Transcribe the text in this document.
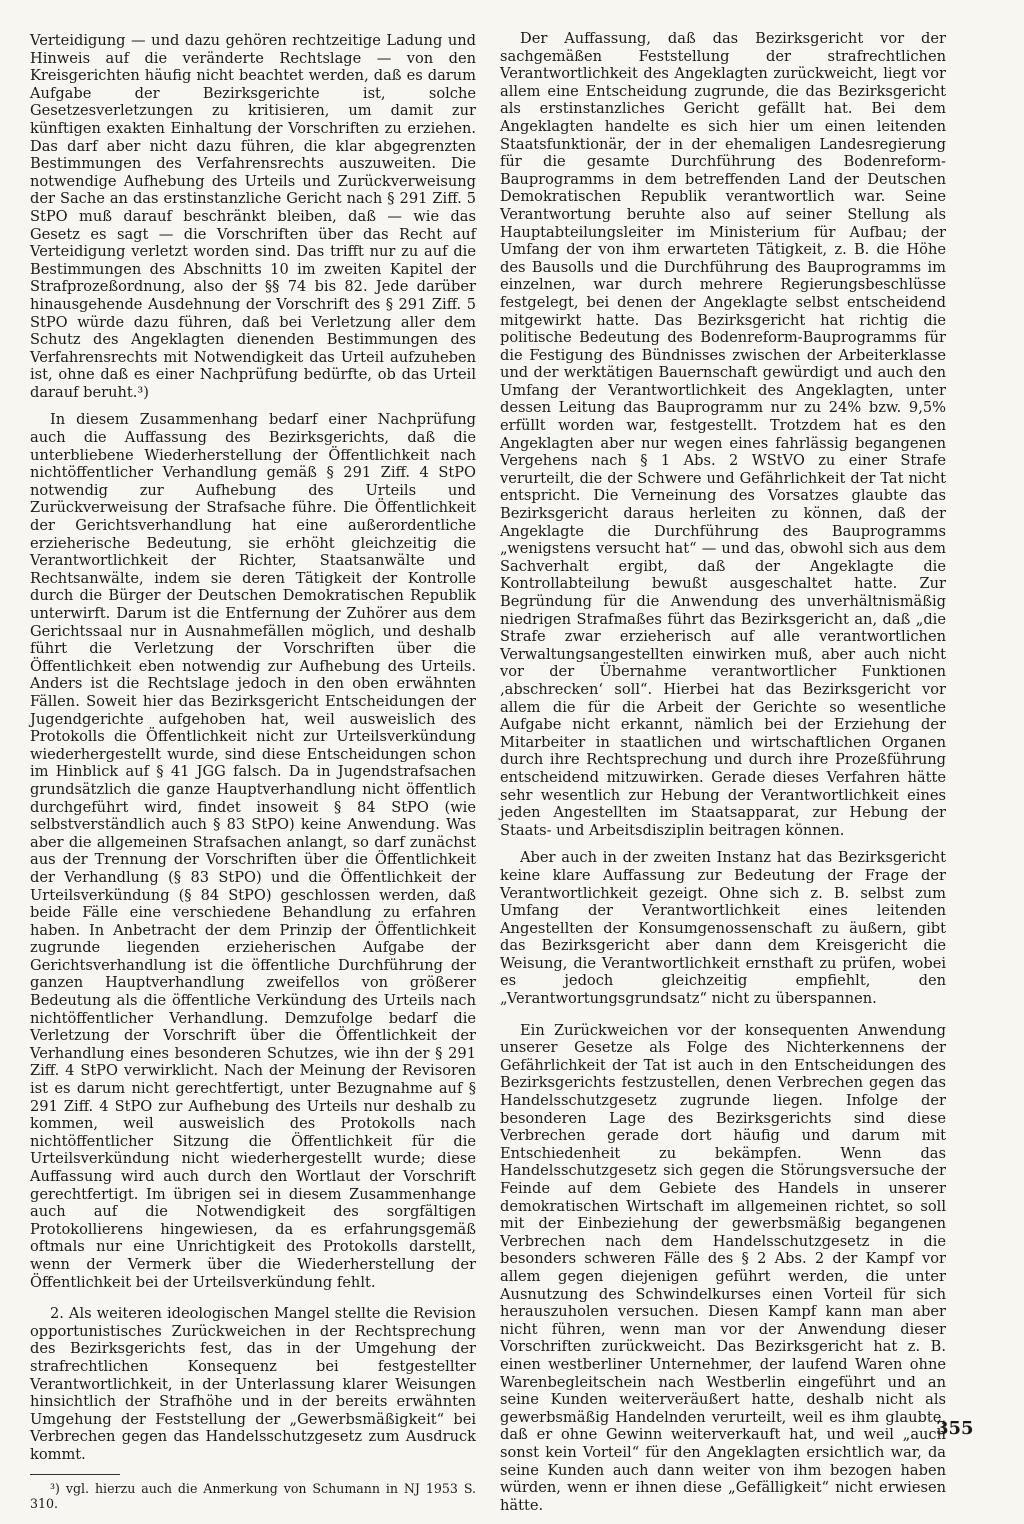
Verteidigung — und dazu gehören rechtzeitige Ladung und Hinweis auf die veränderte Rechtslage — von den Kreisgerichten häufig nicht beachtet werden, daß es darum Aufgabe der Bezirksgerichte ist, solche Gesetzesverletzungen zu kritisieren, um damit zur künftigen exakten Einhaltung der Vorschriften zu erziehen. Das darf aber nicht dazu führen, die klar abgegrenzten Bestimmungen des Verfahrensrechts auszuweiten. Die notwendige Aufhebung des Urteils und Zurückverweisung der Sache an das erstinstanzliche Gericht nach § 291 Ziff. 5 StPO muß darauf beschränkt bleiben, daß — wie das Gesetz es sagt — die Vorschriften über das Recht auf Verteidigung verletzt worden sind. Das trifft nur zu auf die Bestimmungen des Abschnitts 10 im zweiten Kapitel der Strafprozeßordnung, also der §§ 74 bis 82. Jede darüber hinausgehende Ausdehnung der Vorschrift des § 291 Ziff. 5 StPO würde dazu führen, daß bei Verletzung aller dem Schutz des Angeklagten dienenden Bestimmungen des Verfahrensrechts mit Notwendigkeit das Urteil aufzuheben ist, ohne daß es einer Nachprüfung bedürfte, ob das Urteil darauf beruht.³)

In diesem Zusammenhang bedarf einer Nachprüfung auch die Auffassung des Bezirksgerichts, daß die unterbliebene Wiederherstellung der Öffentlichkeit nach nichtöffentlicher Verhandlung gemäß § 291 Ziff. 4 StPO notwendig zur Aufhebung des Urteils und Zurückverweisung der Strafsache führe. Die Öffentlichkeit der Gerichtsverhandlung hat eine außerordentliche erzieherische Bedeutung, sie erhöht gleichzeitig die Verantwortlichkeit der Richter, Staatsanwälte und Rechtsanwälte, indem sie deren Tätigkeit der Kontrolle durch die Bürger der Deutschen Demokratischen Republik unterwirft. Darum ist die Entfernung der Zuhörer aus dem Gerichtssaal nur in Ausnahmefällen möglich, und deshalb führt die Verletzung der Vorschriften über die Öffentlichkeit eben notwendig zur Aufhebung des Urteils. Anders ist die Rechtslage jedoch in den oben erwähnten Fällen. Soweit hier das Bezirksgericht Entscheidungen der Jugendgerichte aufgehoben hat, weil ausweislich des Protokolls die Öffentlichkeit nicht zur Urteilsverkündung wiederhergestellt wurde, sind diese Entscheidungen schon im Hinblick auf § 41 JGG falsch. Da in Jugendstrafsachen grundsätzlich die ganze Hauptverhandlung nicht öffentlich durchgeführt wird, findet insoweit § 84 StPO (wie selbstverständlich auch § 83 StPO) keine Anwendung. Was aber die allgemeinen Strafsachen anlangt, so darf zunächst aus der Trennung der Vorschriften über die Öffentlichkeit der Verhandlung (§ 83 StPO) und die Öffentlichkeit der Urteilsverkündung (§ 84 StPO) geschlossen werden, daß beide Fälle eine verschiedene Behandlung zu erfahren haben. In Anbetracht der dem Prinzip der Öffentlichkeit zugrunde liegenden erzieherischen Aufgabe der Gerichtsverhandlung ist die öffentliche Durchführung der ganzen Hauptverhandlung zweifellos von größerer Bedeutung als die öffentliche Verkündung des Urteils nach nichtöffentlicher Verhandlung. Demzufolge bedarf die Verletzung der Vorschrift über die Öffentlichkeit der Verhandlung eines besonderen Schutzes, wie ihn der § 291 Ziff. 4 StPO verwirklicht. Nach der Meinung der Revisoren ist es darum nicht gerechtfertigt, unter Bezugnahme auf § 291 Ziff. 4 StPO zur Aufhebung des Urteils nur deshalb zu kommen, weil ausweislich des Protokolls nach nichtöffentlicher Sitzung die Öffentlichkeit für die Urteilsverkündung nicht wiederhergestellt wurde; diese Auffassung wird auch durch den Wortlaut der Vorschrift gerechtfertigt. Im übrigen sei in diesem Zusammenhange auch auf die Notwendigkeit des sorgfältigen Protokollierens hingewiesen, da es erfahrungsgemäß oftmals nur eine Unrichtigkeit des Protokolls darstellt, wenn der Vermerk über die Wiederherstellung der Öffentlichkeit bei der Urteilsverkündung fehlt.

2. Als weiteren ideologischen Mangel stellte die Revision opportunistisches Zurückweichen in der Rechtsprechung des Bezirksgerichts fest, das in der Umgehung der strafrechtlichen Konsequenz bei festgestellter Verantwortlichkeit, in der Unterlassung klarer Weisungen hinsichtlich der Strafhöhe und in der bereits erwähnten Umgehung der Feststellung der „Gewerbsmäßigkeit“ bei Verbrechen gegen das Handelsschutzgesetz zum Ausdruck kommt.

³) vgl. hierzu auch die Anmerkung von Schumann in NJ 1953 S. 310.

Der Auffassung, daß das Bezirksgericht vor der sachgemäßen Feststellung der strafrechtlichen Verantwortlichkeit des Angeklagten zurückweicht, liegt vor allem eine Entscheidung zugrunde, die das Bezirksgericht als erstinstanzliches Gericht gefällt hat. Bei dem Angeklagten handelte es sich hier um einen leitenden Staatsfunktionär, der in der ehemaligen Landesregierung für die gesamte Durchführung des Bodenreform-Bauprogramms in dem betreffenden Land der Deutschen Demokratischen Republik verantwortlich war. Seine Verantwortung beruhte also auf seiner Stellung als Hauptabteilungsleiter im Ministerium für Aufbau; der Umfang der von ihm erwarteten Tätigkeit, z. B. die Höhe des Bausolls und die Durchführung des Bauprogramms im einzelnen, war durch mehrere Regierungsbeschlüsse festgelegt, bei denen der Angeklagte selbst entscheidend mitgewirkt hatte. Das Bezirksgericht hat richtig die politische Bedeutung des Bodenreform-Bauprogramms für die Festigung des Bündnisses zwischen der Arbeiterklasse und der werktätigen Bauernschaft gewürdigt und auch den Umfang der Verantwortlichkeit des Angeklagten, unter dessen Leitung das Bauprogramm nur zu 24% bzw. 9,5% erfüllt worden war, festgestellt. Trotzdem hat es den Angeklagten aber nur wegen eines fahrlässig begangenen Vergehens nach § 1 Abs. 2 WStVO zu einer Strafe verurteilt, die der Schwere und Gefährlichkeit der Tat nicht entspricht. Die Verneinung des Vorsatzes glaubte das Bezirksgericht daraus herleiten zu können, daß der Angeklagte die Durchführung des Bauprogramms „wenigstens versucht hat“ — und das, obwohl sich aus dem Sachverhalt ergibt, daß der Angeklagte die Kontrollabteilung bewußt ausgeschaltet hatte. Zur Begründung für die Anwendung des unverhältnismäßig niedrigen Strafmaßes führt das Bezirksgericht an, daß „die Strafe zwar erzieherisch auf alle verantwortlichen Verwaltungsangestellten einwirken muß, aber auch nicht vor der Übernahme verantwortlicher Funktionen ‚abschrecken‘ soll“. Hierbei hat das Bezirksgericht vor allem die für die Arbeit der Gerichte so wesentliche Aufgabe nicht erkannt, nämlich bei der Erziehung der Mitarbeiter in staatlichen und wirtschaftlichen Organen durch ihre Rechtsprechung und durch ihre Prozeßführung entscheidend mitzuwirken. Gerade dieses Verfahren hätte sehr wesentlich zur Hebung der Verantwortlichkeit eines jeden Angestellten im Staatsapparat, zur Hebung der Staats- und Arbeitsdisziplin beitragen können.

Aber auch in der zweiten Instanz hat das Bezirksgericht keine klare Auffassung zur Bedeutung der Frage der Verantwortlichkeit gezeigt. Ohne sich z. B. selbst zum Umfang der Verantwortlichkeit eines leitenden Angestellten der Konsumgenossenschaft zu äußern, gibt das Bezirksgericht aber dann dem Kreisgericht die Weisung, die Verantwortlichkeit ernsthaft zu prüfen, wobei es jedoch gleichzeitig empfiehlt, den „Verantwortungsgrundsatz“ nicht zu überspannen.

Ein Zurückweichen vor der konsequenten Anwendung unserer Gesetze als Folge des Nichterkennens der Gefährlichkeit der Tat ist auch in den Entscheidungen des Bezirksgerichts festzustellen, denen Verbrechen gegen das Handelsschutzgesetz zugrunde liegen. Infolge der besonderen Lage des Bezirksgerichts sind diese Verbrechen gerade dort häufig und darum mit Entschiedenheit zu bekämpfen. Wenn das Handelsschutzgesetz sich gegen die Störungsversuche der Feinde auf dem Gebiete des Handels in unserer demokratischen Wirtschaft im allgemeinen richtet, so soll mit der Einbeziehung der gewerbsmäßig begangenen Verbrechen nach dem Handelsschutzgesetz in die besonders schweren Fälle des § 2 Abs. 2 der Kampf vor allem gegen diejenigen geführt werden, die unter Ausnutzung des Schwindelkurses einen Vorteil für sich herauszuholen versuchen. Diesen Kampf kann man aber nicht führen, wenn man vor der Anwendung dieser Vorschriften zurückweicht. Das Bezirksgericht hat z. B. einen westberliner Unternehmer, der laufend Waren ohne Warenbegleitschein nach Westberlin eingeführt und an seine Kunden weiterveräußert hatte, deshalb nicht als gewerbsmäßig Handelnden verurteilt, weil es ihm glaubte, daß er ohne Gewinn weiterverkauft hat, und weil „auch sonst kein Vorteil“ für den Angeklagten ersichtlich war, da seine Kunden auch dann weiter von ihm bezogen haben würden, wenn er ihnen diese „Gefälligkeit“ nicht erwiesen hätte.

355
